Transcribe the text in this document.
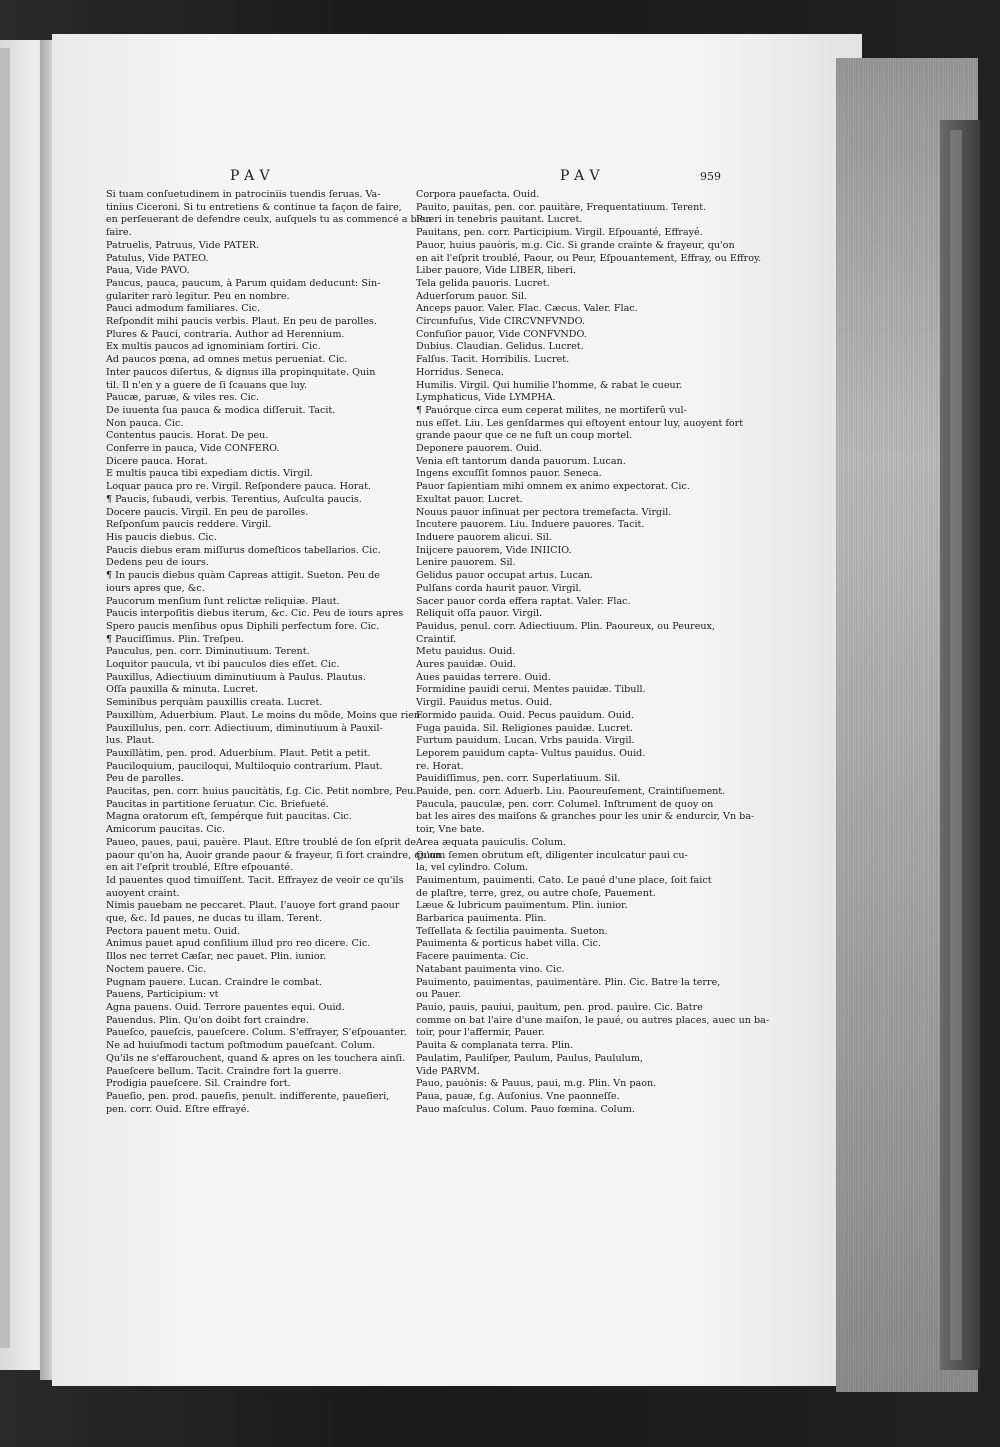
PAV	PAV	959
Si tuam conſuetudinem in patrociniis tuendis ſeruas. Va-
tinius Ciceroni. Si tu entretiens & continue ta façon de faire,
en perſeuerant de defendre ceulx, auſquels tu as commencé a bien
faire.
Patruelis, Patruus, Vide PATER.
Patulus, Vide PATEO.
Paua, Vide PAVO.
Paucus, pauca, paucum, à Parum quidam deducunt: Sin-
gulariter rarò legitur. Peu en nombre.
Pauci admodum familiares. Cic.
Reſpondit mihi paucis verbis. Plaut. En peu de parolles.
Plures & Pauci, contraria. Author ad Herennium.
Ex multis paucos ad ignominiam ſortiri. Cic.
Ad paucos pœna, ad omnes metus perueniat. Cic.
Inter paucos diſertus, & dignus illa propinquitate. Quin
til. Il n'en y a guere de ſi ſcauans que luy.
Paucæ, paruæ, & viles res. Cic.
De iuuenta ſua pauca & modica diſſeruit. Tacit.
Non pauca. Cic.
Contentus paucis. Horat. De peu.
Conferre in pauca, Vide CONFERO.
Dicere pauca. Horat.
E multis pauca tibi expediam dictis. Virgil.
Loquar pauca pro re. Virgil. Reſpondere pauca. Horat.
¶ Paucis, ſubaudi, verbis. Terentius, Auſculta paucis.
Docere paucis. Virgil. En peu de parolles.
Reſponſum paucis reddere. Virgil.
His paucis diebus. Cic.
Paucis diebus eram miſſurus domeſticos tabellarios. Cic.
Dedens peu de iours.
¶ In paucis diebus quàm Capreas attigit. Sueton. Peu de
iours apres que, &c.
Paucorum menſium ſunt relictæ reliquiæ. Plaut.
Paucis interpoſitis diebus iterum, &c. Cic. Peu de iours apres
Spero paucis menſibus opus Diphili perfectum fore. Cic.
¶ Pauciſſimus. Plin. Treſpeu.
Pauculus, pen. corr. Diminutiuum. Terent.
Loquitor paucula, vt ibi pauculos dies eſſet. Cic.
Pauxillus, Adiectiuum diminutiuum à Paulus. Plautus.
Oſſa pauxilla & minuta. Lucret.
Seminibus perquàm pauxillis creata. Lucret.
Pauxillùm, Aduerbium. Plaut. Le moins du mõde, Moins que rien.
Pauxillulus, pen. corr. Adiectiuum, diminutiuum à Pauxil-
lus. Plaut.
Pauxillàtim, pen. prod. Aduerbium. Plaut. Petit a petit.
Pauciloquium, pauciloqui, Multiloquio contrarium. Plaut.
Peu de parolles.
Paucitas, pen. corr. huius paucitàtis, f.g. Cic. Petit nombre, Peu.
Paucitas in partitione ſeruatur. Cic. Briefueté.
Magna oratorum eſt, ſempérque fuit paucitas. Cic.
Amicorum paucitas. Cic.
Paueo, paues, paui, pauère. Plaut. Eſtre troublé de ſon eſprit de
paour qu'on ha, Auoir grande paour & frayeur, ſi fort craindre, qu'on
en ait l'eſprit troublé, Eſtre eſpouanté.
Id pauentes quod timuiſſent. Tacit. Effrayez de veoir ce qu'ils
auoyent craint.
Nimis pauebam ne peccaret. Plaut. I'auoye fort grand paour
que, &c. Id paues, ne ducas tu illam. Terent.
Pectora pauent metu. Ouid.
Animus pauet apud conſilium illud pro reo dicere. Cic.
Illos nec terret Cæſar, nec pauet. Plin. iunior.
Noctem pauere. Cic.
Pugnam pauere. Lucan. Craindre le combat.
Pauens, Participium: vt
Agna pauens. Ouid. Terrore pauentes equi. Ouid.
Pauendus. Plin. Qu'on doibt fort craindre.
Paueſco, paueſcis, paueſcere. Colum. S'effrayer, S'eſpouanter.
Ne ad huiuſmodi tactum poſtmodum paueſcant. Colum.
Qu'ils ne s'effarouchent, quand & apres on les touchera ainſi.
Paueſcere bellum. Tacit. Craindre fort la guerre.
Prodigia paueſcere. Sil. Craindre fort.
Paueſio, pen. prod. paueſis, penult. indifferente, paueſieri,
pen. corr. Ouid. Eſtre effrayé.
Corpora pauefacta. Ouid.
Pauito, pauitas, pen. cor. pauitàre, Frequentatiuum. Terent.
Pueri in tenebris pauitant. Lucret.
Pauitans, pen. corr. Participium. Virgil. Eſpouanté, Effrayé.
Pauor, huius pauòris, m.g. Cic. Si grande crainte & frayeur, qu'on
en ait l'eſprit troublé, Paour, ou Peur, Eſpouantement, Effray, ou Effroy.
Liber pauore, Vide LIBER, liberi.
Tela gelida pauoris. Lucret.
Aduerſorum pauor. Sil.
Anceps pauor. Valer. Flac. Cæcus. Valer. Flac.
Circunfuſus, Vide CIRCVNFVNDO.
Confuſior pauor, Vide CONFVNDO.
Dubius. Claudian. Gelidus. Lucret.
Falſus. Tacit. Horribilis. Lucret.
Horridus. Seneca.
Humilis. Virgil. Qui humilie l'homme, & rabat le cueur.
Lymphaticus, Vide LYMPHA.
¶ Pauórque circa eum ceperat milites, ne mortiferũ vul-
nus eſſet. Liu. Les genſdarmes qui eſtoyent entour luy, auoyent fort
grande paour que ce ne fuſt un coup mortel.
Deponere pauorem. Ouid.
Venia eſt tantorum danda pauorum. Lucan.
Ingens excuſſit ſomnos pauor. Seneca.
Pauor ſapientiam mihi omnem ex animo expectorat. Cic.
Exultat pauor. Lucret.
Nouus pauor inſinuat per pectora tremefacta. Virgil.
Incutere pauorem. Liu. Induere pauores. Tacit.
Induere pauorem alicui. Sil.
Inijcere pauorem, Vide INIICIO.
Lenire pauorem. Sil.
Gelidus pauor occupat artus. Lucan.
Pulſans corda haurit pauor. Virgil.
Sacer pauor corda effera raptat. Valer. Flac.
Reliquit oſſa pauor. Virgil.
Pauidus, penul. corr. Adiectiuum. Plin. Paoureux, ou Peureux,
Craintif.
Metu pauidus. Ouid.
Aures pauidæ. Ouid.
Aues pauidas terrere. Ouid.
Formidine pauidi cerui. Mentes pauidæ. Tibull.
Virgil. Pauidus metus. Ouid.
Formido pauida. Ouid. Pecus pauidum. Ouid.
Fuga pauida. Sil. Religiones pauidæ. Lucret.
Furtum pauidum. Lucan. Vrbs pauida. Virgil.
Leporem pauidum capta- Vultus pauidus. Ouid.
re. Horat.
Pauidiſſimus, pen. corr. Superlatiuum. Sil.
Pauide, pen. corr. Aduerb. Liu. Paoureuſement, Craintiſuement.
Paucula, pauculæ, pen. corr. Columel. Inſtrument de quoy on
bat les aires des maiſons & granches pour les unir & endurcir, Vn ba-
toir, Vne bate.
Area æquata pauiculis. Colum.
Quum ſemen obrutum eſt, diligenter inculcatur paui cu-
la, vel cylindro. Colum.
Pauimentum, pauimenti. Cato. Le paué d'une place, ſoit faict
de plaſtre, terre, grez, ou autre choſe, Pauement.
Læue & lubricum pauimentum. Plin. iunior.
Barbarica pauimenta. Plin.
Teſſellata & ſectilia pauimenta. Sueton.
Pauimenta & porticus habet villa. Cic.
Facere pauimenta. Cic.
Natabant pauimenta vino. Cic.
Pauimento, pauimentas, pauimentàre. Plin. Cic. Batre la terre,
ou Pauer.
Pauio, pauis, pauiui, pauìtum, pen. prod. pauìre. Cic. Batre
comme on bat l'aire d'une maiſon, le paué, ou autres places, auec un ba-
toir, pour l'affermir, Pauer.
Pauita & complanata terra. Plin.
Paulatim, Pauliſper, Paulum, Paulus, Paululum,
Vide PARVM.
Pauo, pauònis: & Pauus, paui, m.g. Plin. Vn paon.
Paua, pauæ, f.g. Auſonius. Vne paonneſſe.
Pauo maſculus. Colum. Pauo fœmina. Colum.
